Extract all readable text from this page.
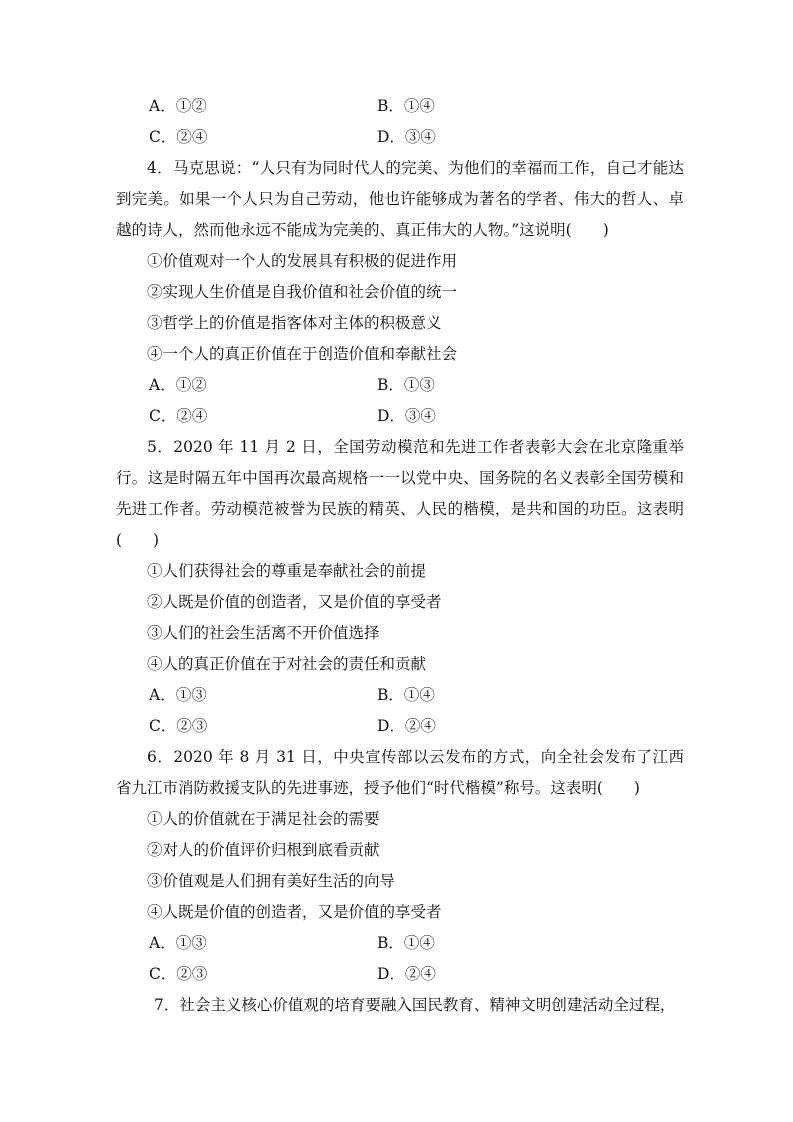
A．①②	B．①④
C．②④	D．③④
4．马克思说：“人只有为同时代人的完美、为他们的幸福而工作，自己才能达到完美。如果一个人只为自己劳动，他也许能够成为著名的学者、伟大的哲人、卓越的诗人，然而他永远不能成为完美的、真正伟大的人物。”这说明(　　)
①价值观对一个人的发展具有积极的促进作用
②实现人生价值是自我价值和社会价值的统一
③哲学上的价值是指客体对主体的积极意义
④一个人的真正价值在于创造价值和奉献社会
A．①②	B．①③
C．②④	D．③④
5．2020 年 11 月 2 日，全国劳动模范和先进工作者表彰大会在北京隆重举行。这是时隔五年中国再次最高规格一一以党中央、国务院的名义表彰全国劳模和先进工作者。劳动模范被誉为民族的精英、人民的楷模，是共和国的功臣。这表明(　　)
①人们获得社会的尊重是奉献社会的前提
②人既是价值的创造者，又是价值的享受者
③人们的社会生活离不开价值选择
④人的真正价值在于对社会的责任和贡献
A．①③	B．①④
C．②③	D．②④
6．2020 年 8 月 31 日，中央宣传部以云发布的方式，向全社会发布了江西省九江市消防救援支队的先进事迹，授予他们“时代楷模”称号。这表明(　　)
①人的价值就在于满足社会的需要
②对人的价值评价归根到底看贡献
③价值观是人们拥有美好生活的向导
④人既是价值的创造者，又是价值的享受者
A．①③	B．①④
C．②③	D．②④
7．社会主义核心价值观的培育要融入国民教育、精神文明创建活动全过程，
